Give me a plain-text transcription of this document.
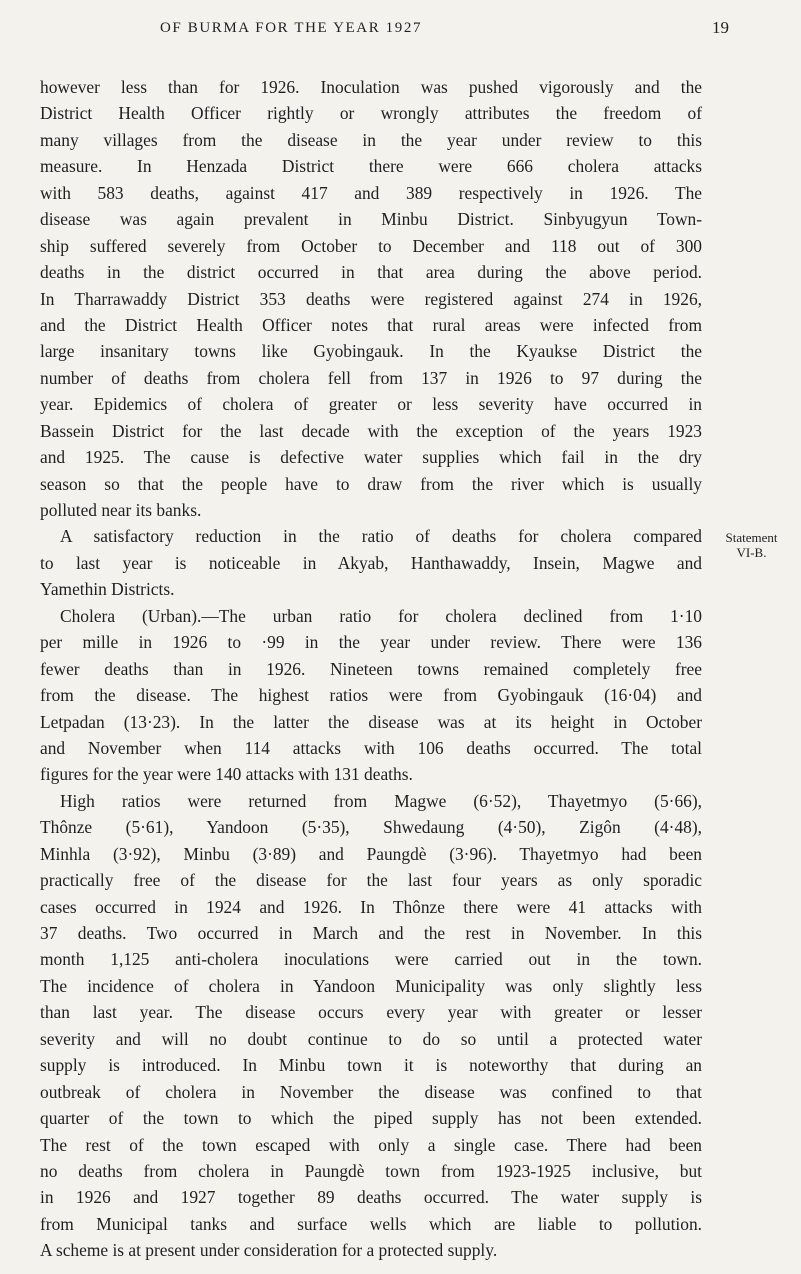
OF BURMA FOR THE YEAR 1927	19
however less than for 1926. Inoculation was pushed vigorously and the
District Health Officer rightly or wrongly attributes the freedom of
many villages from the disease in the year under review to this
measure. In Henzada District there were 666 cholera attacks
with 583 deaths, against 417 and 389 respectively in 1926. The
disease was again prevalent in Minbu District. Sinbyugyun Town-
ship suffered severely from October to December and 118 out of 300
deaths in the district occurred in that area during the above period.
In Tharrawaddy District 353 deaths were registered against 274 in 1926,
and the District Health Officer notes that rural areas were infected from
large insanitary towns like Gyobingauk. In the Kyaukse District the
number of deaths from cholera fell from 137 in 1926 to 97 during the
year. Epidemics of cholera of greater or less severity have occurred in
Bassein District for the last decade with the exception of the years 1923
and 1925. The cause is defective water supplies which fail in the dry
season so that the people have to draw from the river which is usually
polluted near its banks.
A satisfactory reduction in the ratio of deaths for cholera compared
to last year is noticeable in Akyab, Hanthawaddy, Insein, Magwe and
Yamethin Districts.
Cholera (Urban).—The urban ratio for cholera declined from 1·10
per mille in 1926 to ·99 in the year under review. There were 136
fewer deaths than in 1926. Nineteen towns remained completely free
from the disease. The highest ratios were from Gyobingauk (16·04) and
Letpadan (13·23). In the latter the disease was at its height in October
and November when 114 attacks with 106 deaths occurred. The total
figures for the year were 140 attacks with 131 deaths.
High ratios were returned from Magwe (6·52), Thayetmyo (5·66),
Thônze (5·61), Yandoon (5·35), Shwedaung (4·50), Zigôn (4·48),
Minhla (3·92), Minbu (3·89) and Paungdè (3·96). Thayetmyo had been
practically free of the disease for the last four years as only sporadic
cases occurred in 1924 and 1926. In Thônze there were 41 attacks with
37 deaths. Two occurred in March and the rest in November. In this
month 1,125 anti-cholera inoculations were carried out in the town.
The incidence of cholera in Yandoon Municipality was only slightly less
than last year. The disease occurs every year with greater or lesser
severity and will no doubt continue to do so until a protected water
supply is introduced. In Minbu town it is noteworthy that during an
outbreak of cholera in November the disease was confined to that
quarter of the town to which the piped supply has not been extended.
The rest of the town escaped with only a single case. There had been
no deaths from cholera in Paungdè town from 1923-1925 inclusive, but
in 1926 and 1927 together 89 deaths occurred. The water supply is
from Municipal tanks and surface wells which are liable to pollution.
A scheme is at present under consideration for a protected supply.
Statement
VI-B.
